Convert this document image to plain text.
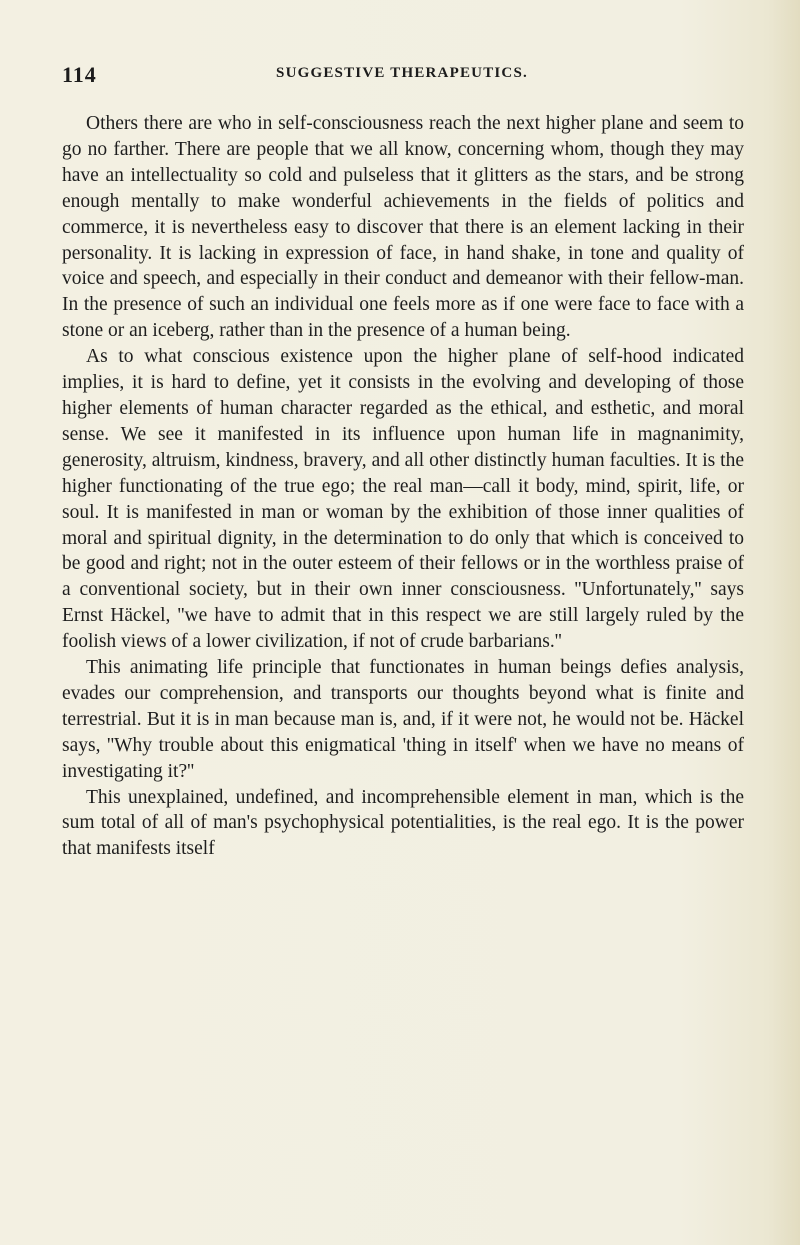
114	SUGGESTIVE THERAPEUTICS.

Others there are who in self-consciousness reach the next higher plane and seem to go no farther. There are people that we all know, concerning whom, though they may have an intellectuality so cold and pulseless that it glitters as the stars, and be strong enough mentally to make wonderful achievements in the fields of politics and commerce, it is nevertheless easy to discover that there is an element lacking in their personality. It is lacking in expression of face, in hand shake, in tone and quality of voice and speech, and especially in their conduct and demeanor with their fellow-man. In the presence of such an individual one feels more as if one were face to face with a stone or an iceberg, rather than in the presence of a human being.

As to what conscious existence upon the higher plane of self-hood indicated implies, it is hard to define, yet it consists in the evolving and developing of those higher elements of human character regarded as the ethical, and esthetic, and moral sense. We see it manifested in its influence upon human life in magnanimity, generosity, altruism, kindness, bravery, and all other distinctly human faculties. It is the higher functionating of the true ego; the real man—call it body, mind, spirit, life, or soul. It is manifested in man or woman by the exhibition of those inner qualities of moral and spiritual dignity, in the determination to do only that which is conceived to be good and right; not in the outer esteem of their fellows or in the worthless praise of a conventional society, but in their own inner consciousness. ''Unfortunately,'' says Ernst Häckel, ''we have to admit that in this respect we are still largely ruled by the foolish views of a lower civilization, if not of crude barbarians.''

This animating life principle that functionates in human beings defies analysis, evades our comprehension, and transports our thoughts beyond what is finite and terrestrial. But it is in man because man is, and, if it were not, he would not be. Häckel says, ''Why trouble about this enigmatical 'thing in itself' when we have no means of investigating it?''

This unexplained, undefined, and incomprehensible element in man, which is the sum total of all of man's psychophysical potentialities, is the real ego. It is the power that manifests itself
